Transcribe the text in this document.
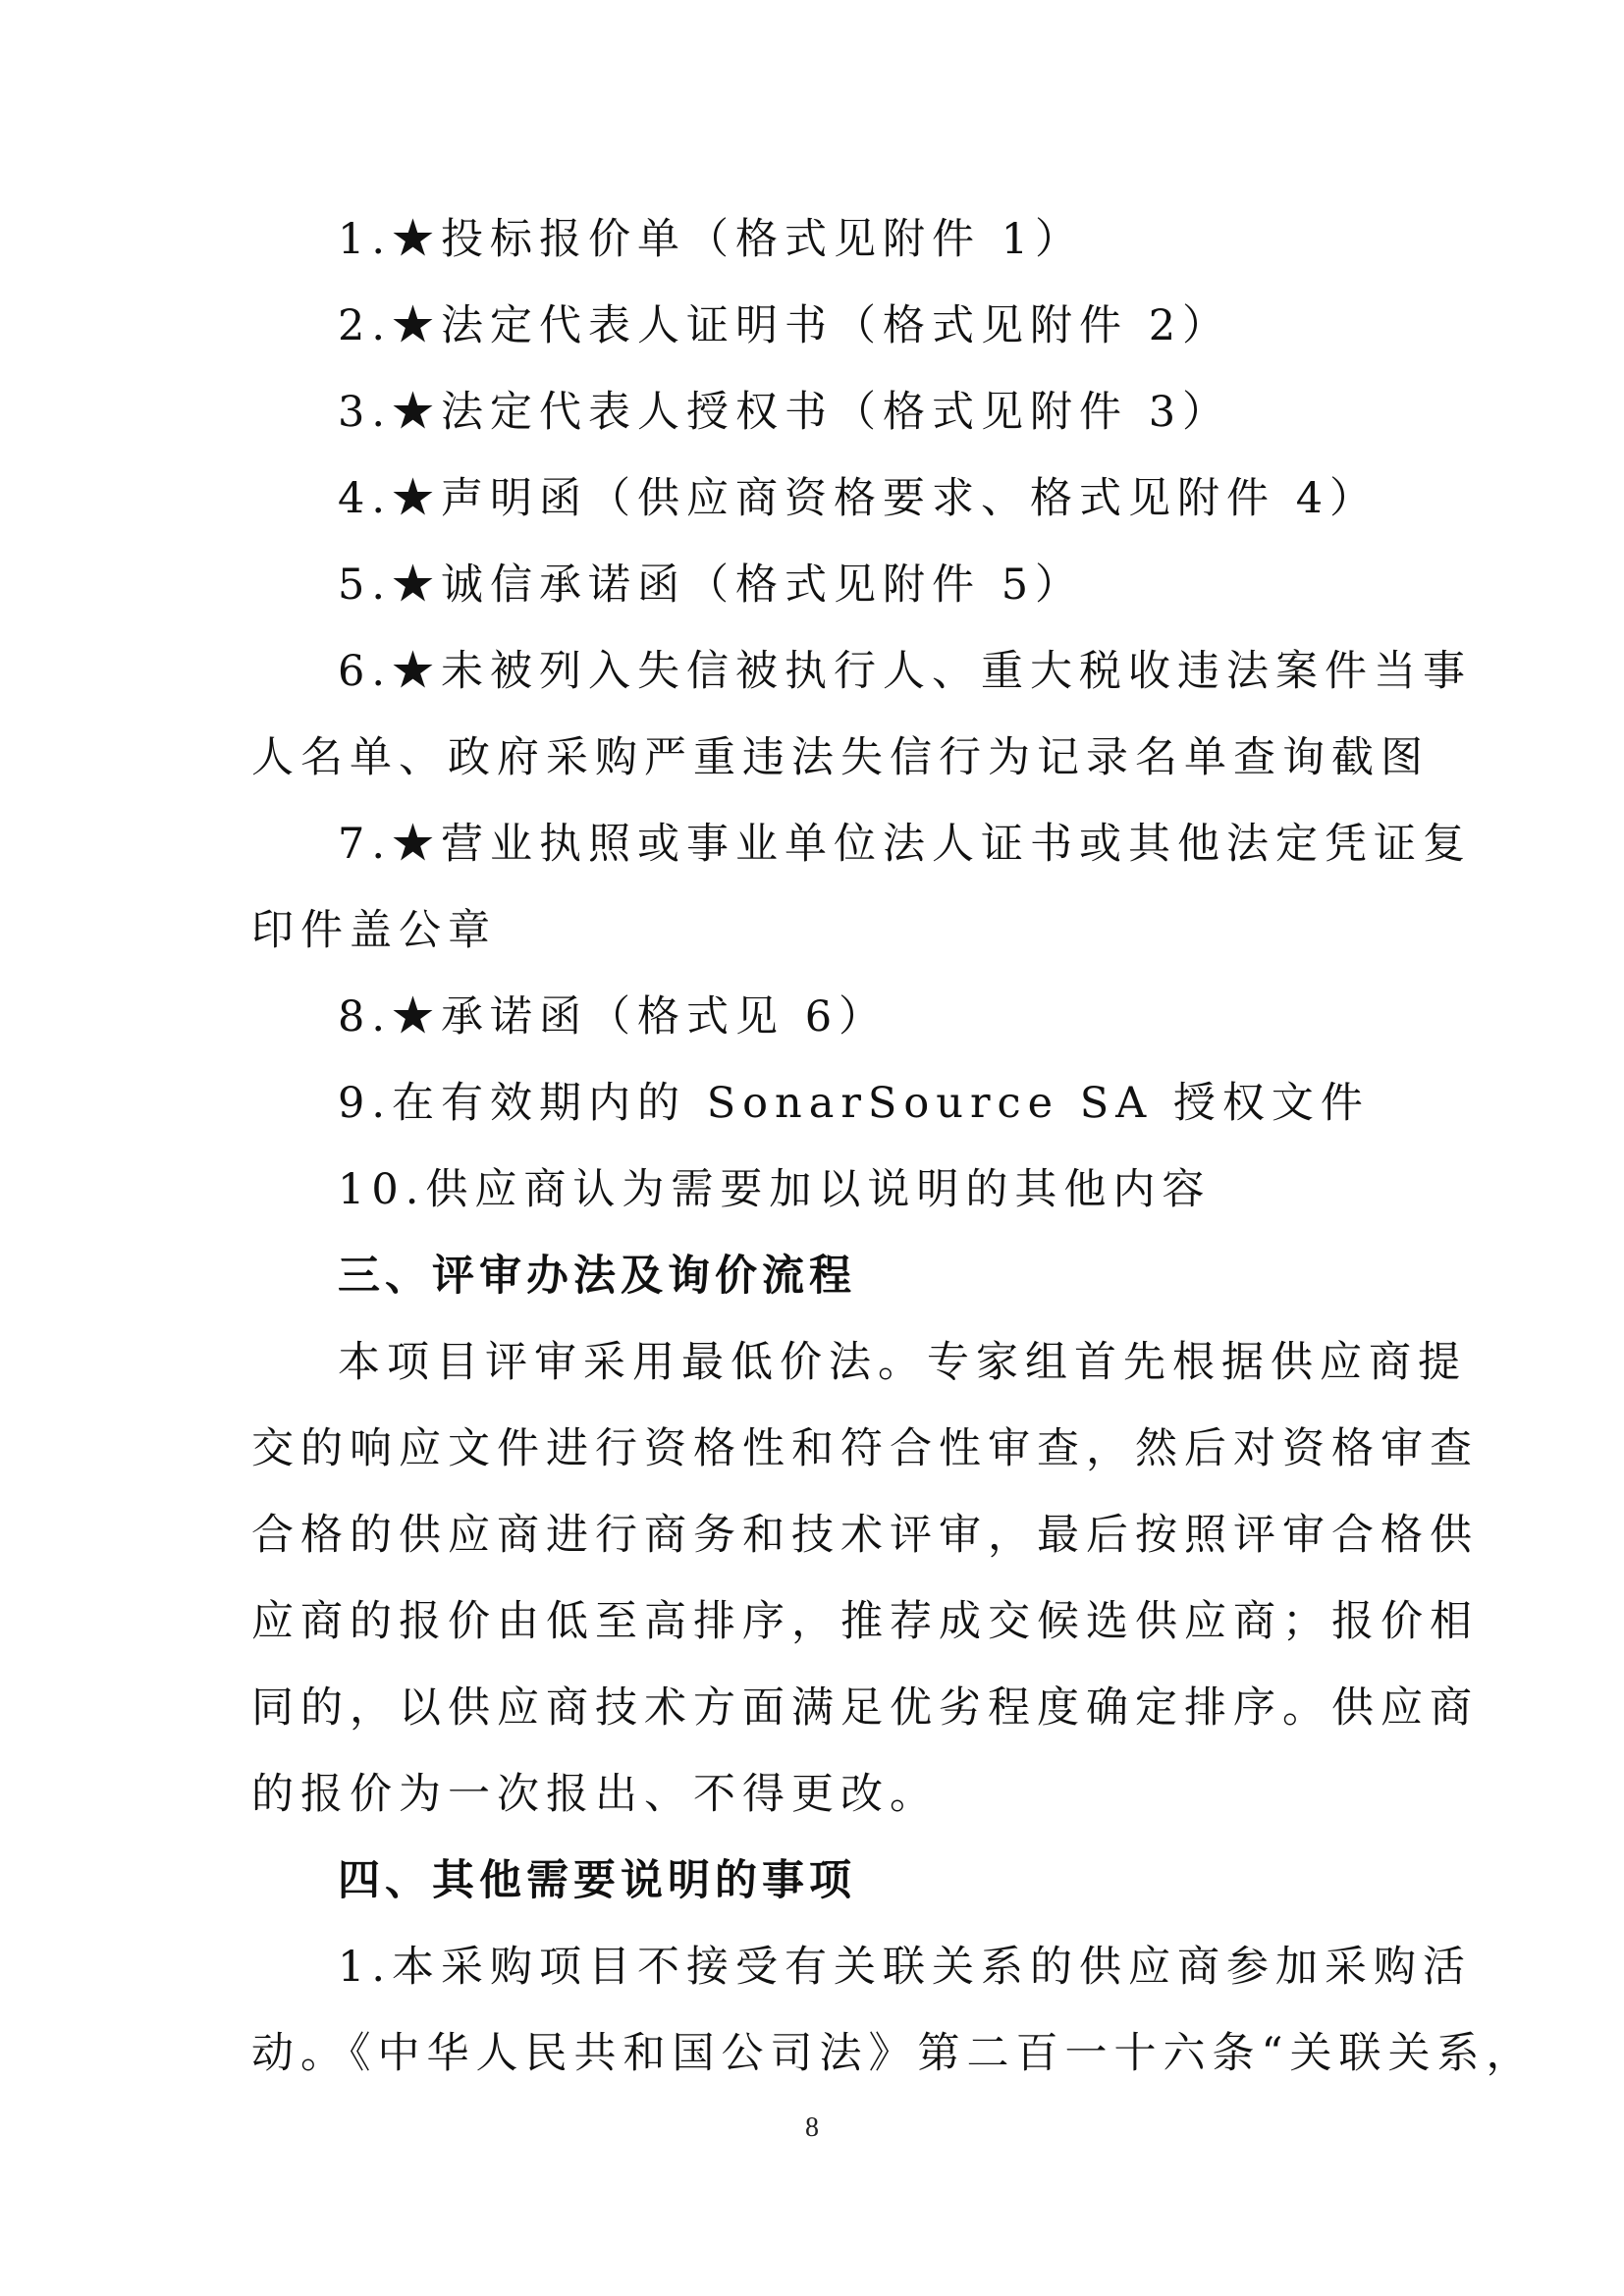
1.★投标报价单（格式见附件 1）
2.★法定代表人证明书（格式见附件 2）
3.★法定代表人授权书（格式见附件 3）
4.★声明函（供应商资格要求、格式见附件 4）
5.★诚信承诺函（格式见附件 5）
6.★未被列入失信被执行人、重大税收违法案件当事
人名单、政府采购严重违法失信行为记录名单查询截图
7.★营业执照或事业单位法人证书或其他法定凭证复
印件盖公章
8.★承诺函（格式见 6）
9.在有效期内的 SonarSource SA 授权文件
10.供应商认为需要加以说明的其他内容
三、评审办法及询价流程
本项目评审采用最低价法。专家组首先根据供应商提
交的响应文件进行资格性和符合性审查，然后对资格审查
合格的供应商进行商务和技术评审，最后按照评审合格供
应商的报价由低至高排序，推荐成交候选供应商；报价相
同的，以供应商技术方面满足优劣程度确定排序。供应商
的报价为一次报出、不得更改。
四、其他需要说明的事项
1.本采购项目不接受有关联关系的供应商参加采购活
动。《中华人民共和国公司法》第二百一十六条“关联关系，
8
